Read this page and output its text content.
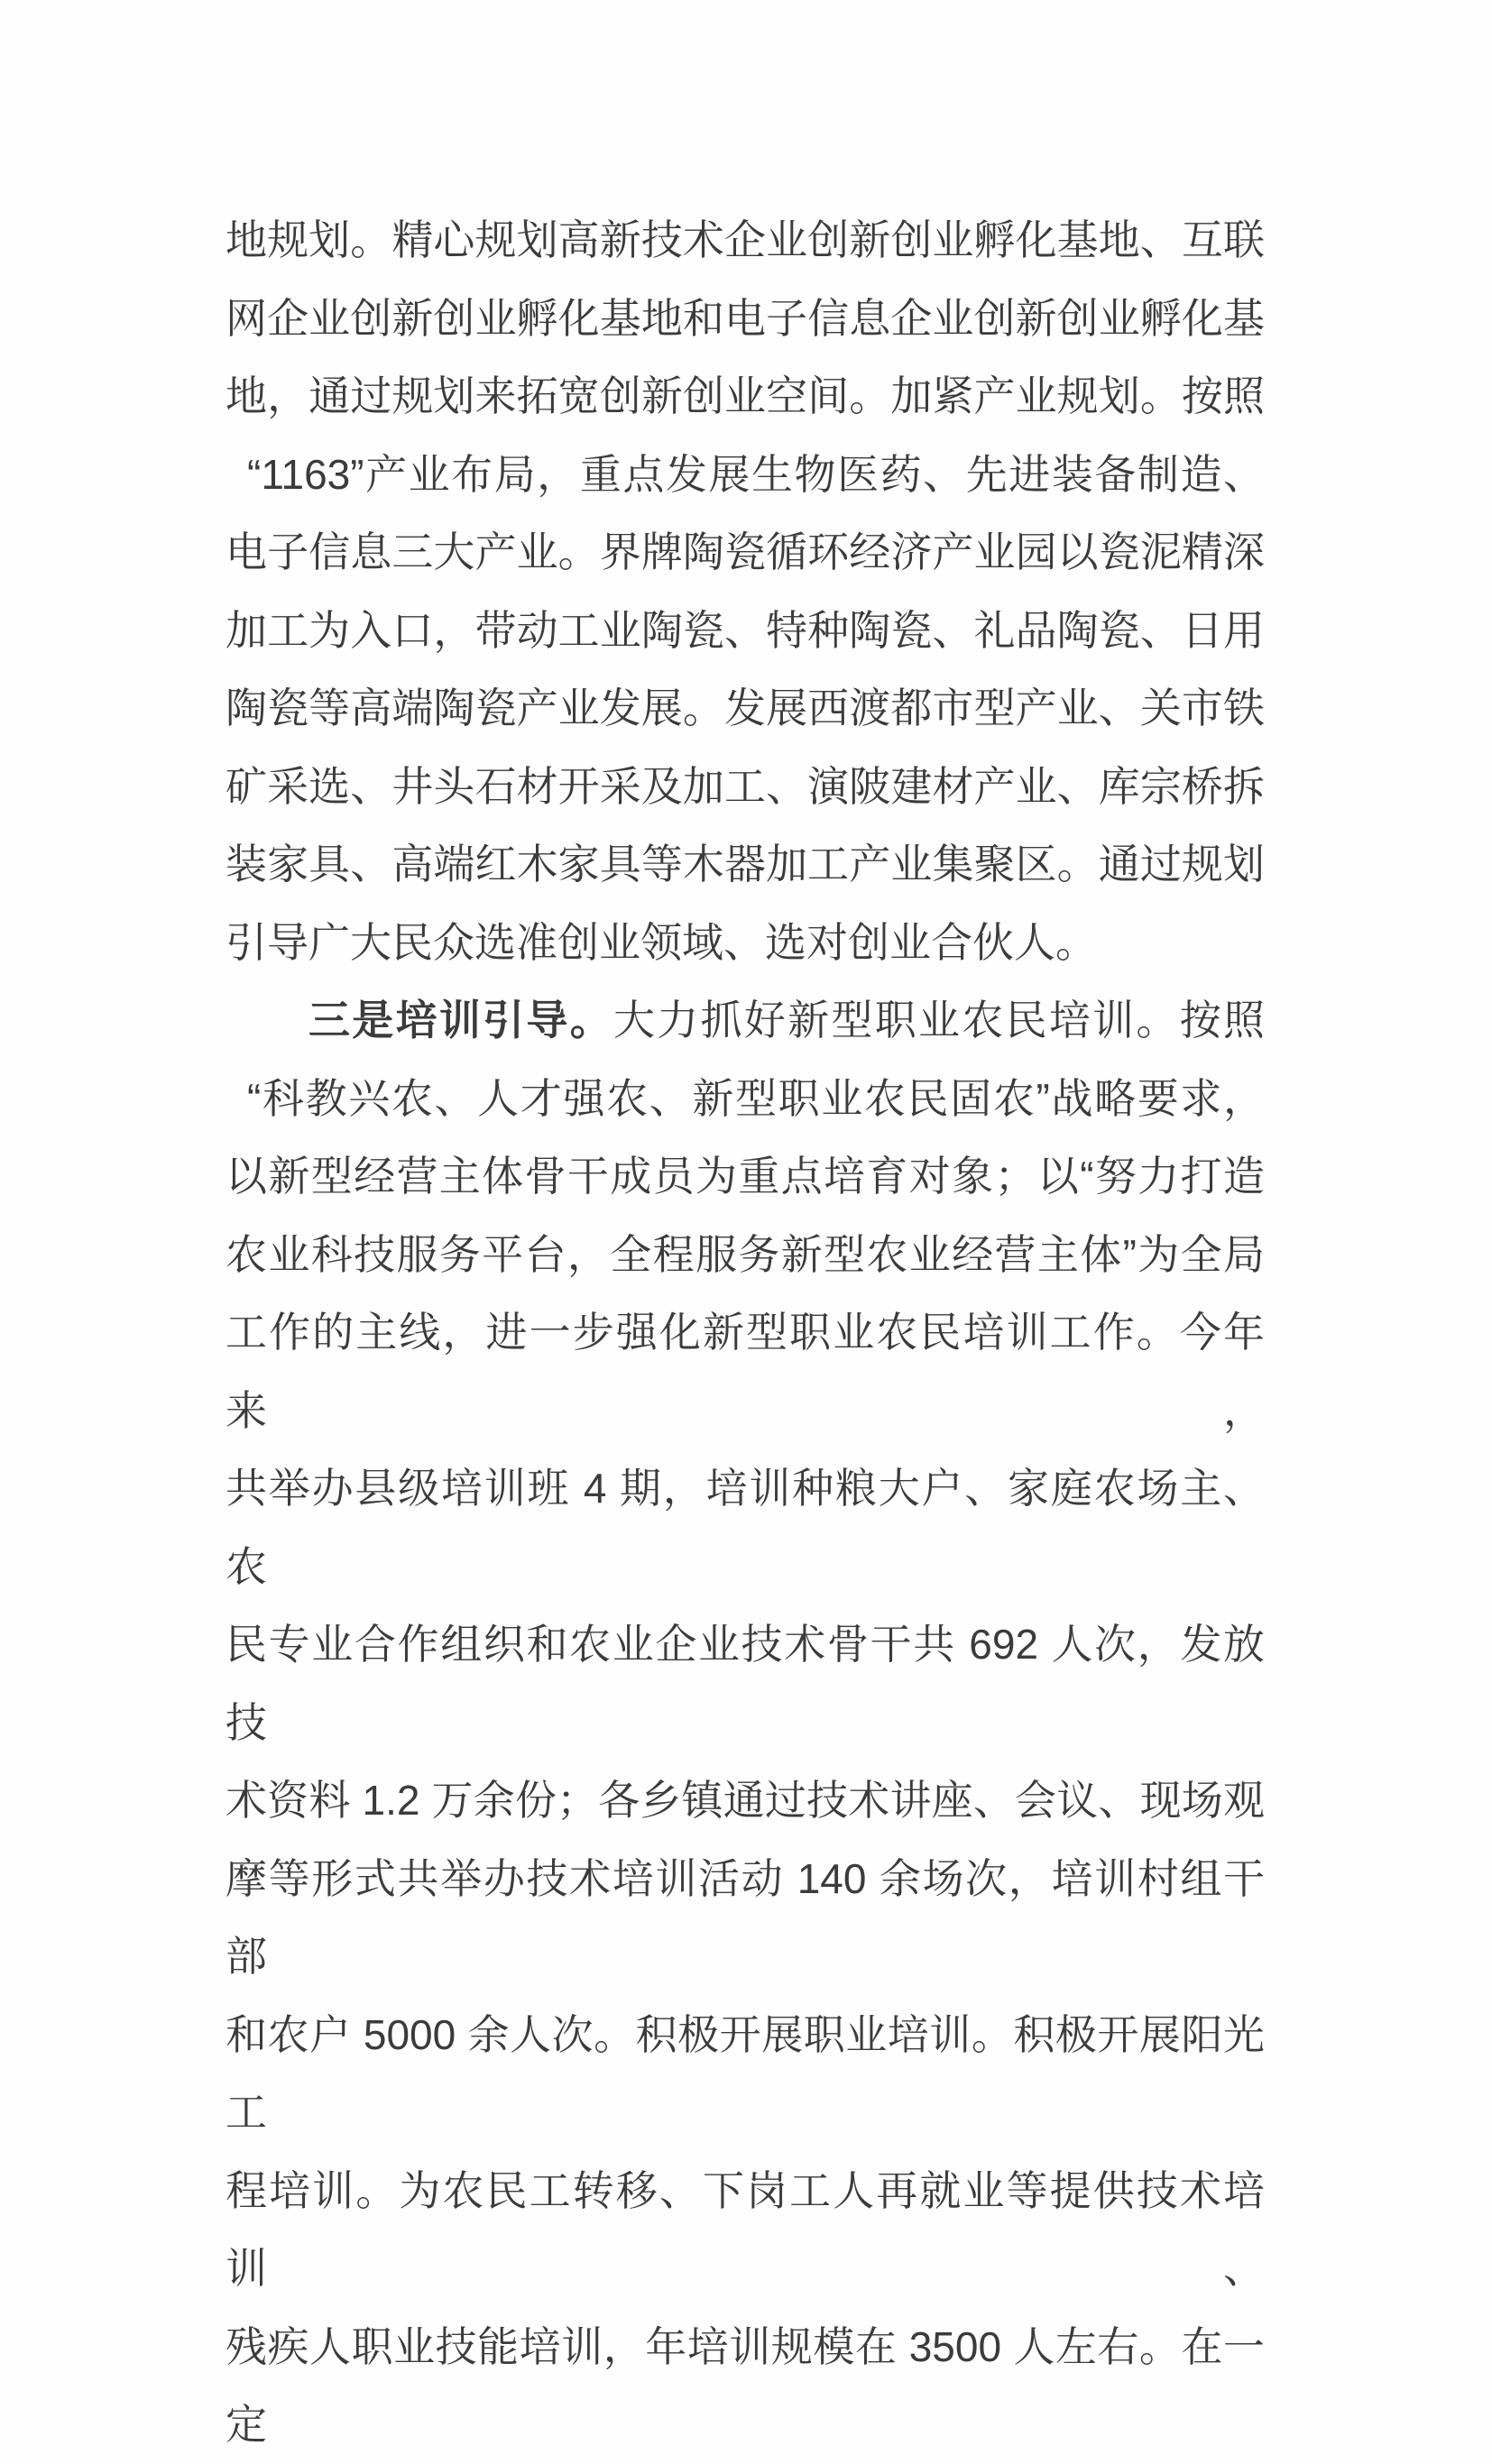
地规划。精心规划高新技术企业创新创业孵化基地、互联
网企业创新创业孵化基地和电子信息企业创新创业孵化基
地，通过规划来拓宽创新创业空间。加紧产业规划。按照
“1163”产业布局，重点发展生物医药、先进装备制造、
电子信息三大产业。界牌陶瓷循环经济产业园以瓷泥精深
加工为入口，带动工业陶瓷、特种陶瓷、礼品陶瓷、日用
陶瓷等高端陶瓷产业发展。发展西渡都市型产业、关市铁
矿采选、井头石材开采及加工、演陂建材产业、库宗桥拆
装家具、高端红木家具等木器加工产业集聚区。通过规划
引导广大民众选准创业领域、选对创业合伙人。
三是培训引导。大力抓好新型职业农民培训。按照
“科教兴农、人才强农、新型职业农民固农”战略要求，
以新型经营主体骨干成员为重点培育对象；以“努力打造
农业科技服务平台，全程服务新型农业经营主体”为全局
工作的主线，进一步强化新型职业农民培训工作。今年来，
共举办县级培训班 4 期，培训种粮大户、家庭农场主、农
民专业合作组织和农业企业技术骨干共 692 人次，发放技
术资料 1.2 万余份；各乡镇通过技术讲座、会议、现场观
摩等形式共举办技术培训活动 140 余场次，培训村组干部
和农户 5000 余人次。积极开展职业培训。积极开展阳光工
程培训。为农民工转移、下岗工人再就业等提供技术培训、
残疾人职业技能培训，年培训规模在 3500 人左右。在一定
